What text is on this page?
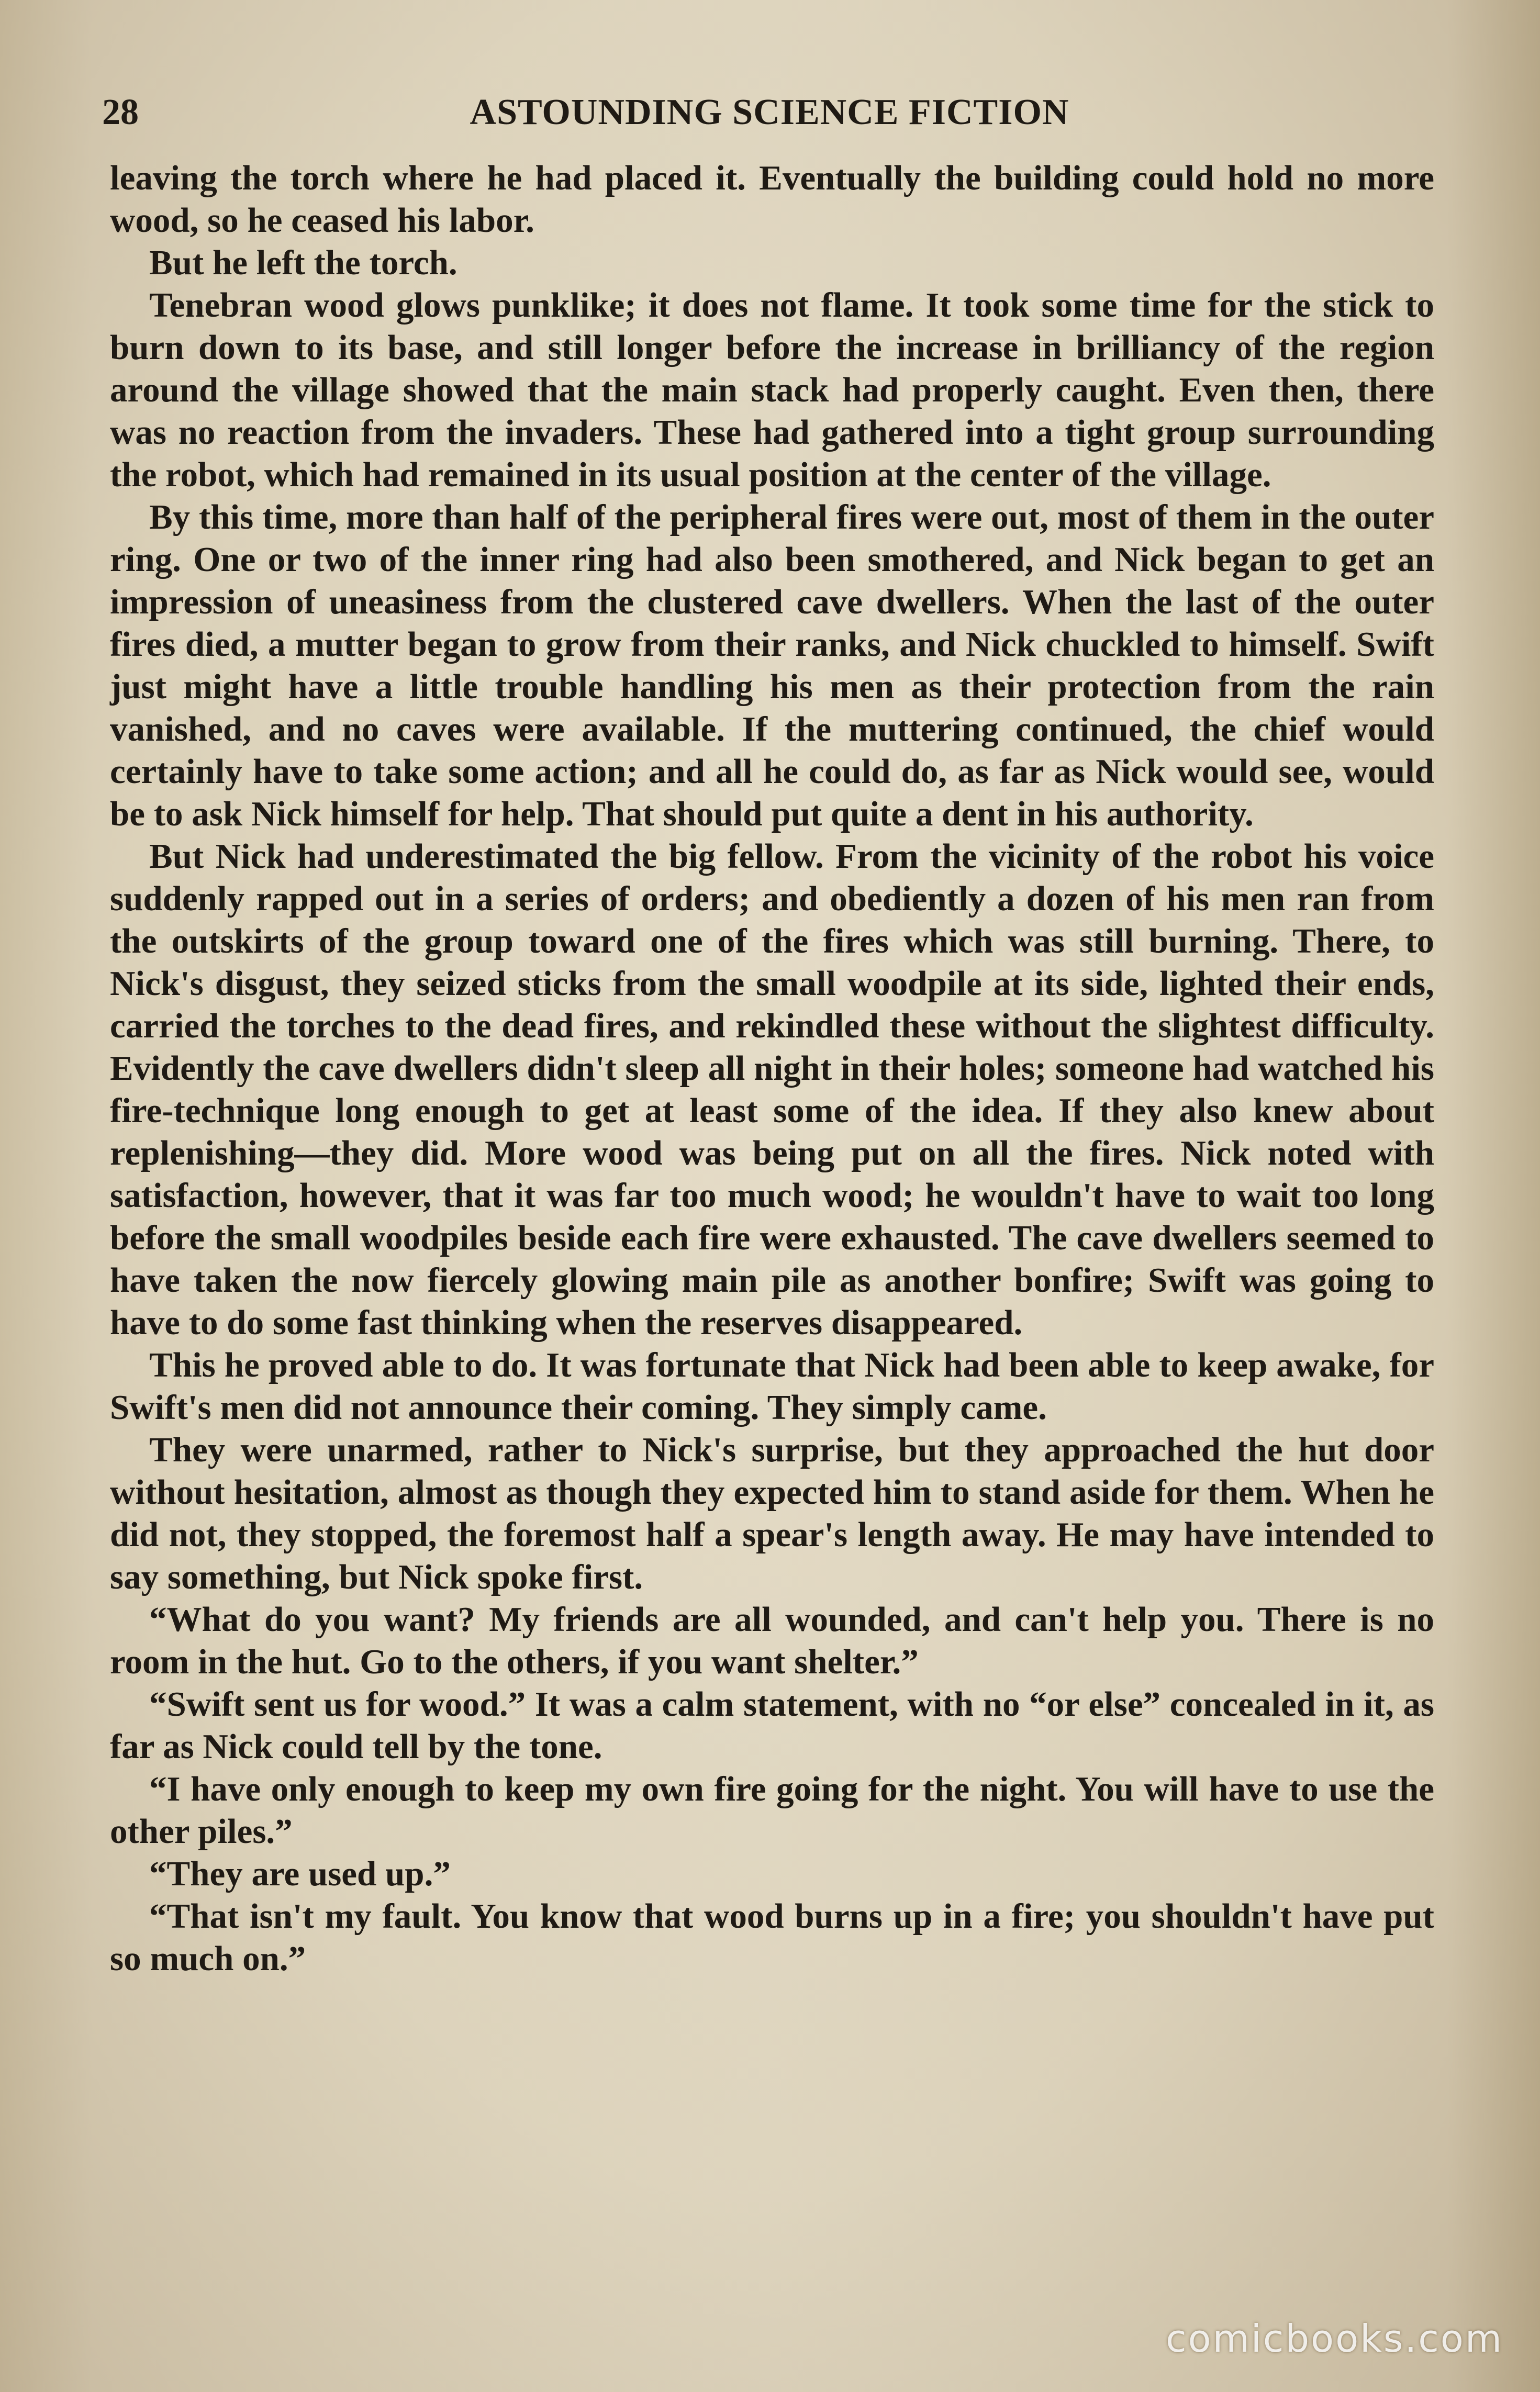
28	ASTOUNDING SCIENCE FICTION

leaving the torch where he had placed it. Eventually the building could hold no more wood, so he ceased his labor.

But he left the torch.

Tenebran wood glows punklike; it does not flame. It took some time for the stick to burn down to its base, and still longer before the increase in brilliancy of the region around the village showed that the main stack had properly caught. Even then, there was no reaction from the invaders. These had gathered into a tight group surrounding the robot, which had remained in its usual position at the center of the village.

By this time, more than half of the peripheral fires were out, most of them in the outer ring. One or two of the inner ring had also been smothered, and Nick began to get an impression of uneasiness from the clustered cave dwellers. When the last of the outer fires died, a mutter began to grow from their ranks, and Nick chuckled to himself. Swift just might have a little trouble handling his men as their protection from the rain vanished, and no caves were available. If the muttering continued, the chief would certainly have to take some action; and all he could do, as far as Nick would see, would be to ask Nick himself for help. That should put quite a dent in his authority.

But Nick had underestimated the big fellow. From the vicinity of the robot his voice suddenly rapped out in a series of orders; and obediently a dozen of his men ran from the outskirts of the group toward one of the fires which was still burning. There, to Nick's disgust, they seized sticks from the small woodpile at its side, lighted their ends, carried the torches to the dead fires, and rekindled these without the slightest difficulty. Evidently the cave dwellers didn't sleep all night in their holes; someone had watched his fire-technique long enough to get at least some of the idea. If they also knew about replenishing—they did. More wood was being put on all the fires. Nick noted with satisfaction, however, that it was far too much wood; he wouldn't have to wait too long before the small woodpiles beside each fire were exhausted. The cave dwellers seemed to have taken the now fiercely glowing main pile as another bonfire; Swift was going to have to do some fast thinking when the reserves disappeared.

This he proved able to do. It was fortunate that Nick had been able to keep awake, for Swift's men did not announce their coming. They simply came.

They were unarmed, rather to Nick's surprise, but they approached the hut door without hesitation, almost as though they expected him to stand aside for them. When he did not, they stopped, the foremost half a spear's length away. He may have intended to say something, but Nick spoke first.

“What do you want? My friends are all wounded, and can't help you. There is no room in the hut. Go to the others, if you want shelter.”

“Swift sent us for wood.” It was a calm statement, with no “or else” concealed in it, as far as Nick could tell by the tone.

“I have only enough to keep my own fire going for the night. You will have to use the other piles.”

“They are used up.”

“That isn't my fault. You know that wood burns up in a fire; you shouldn't have put so much on.”

comicbooks.com
